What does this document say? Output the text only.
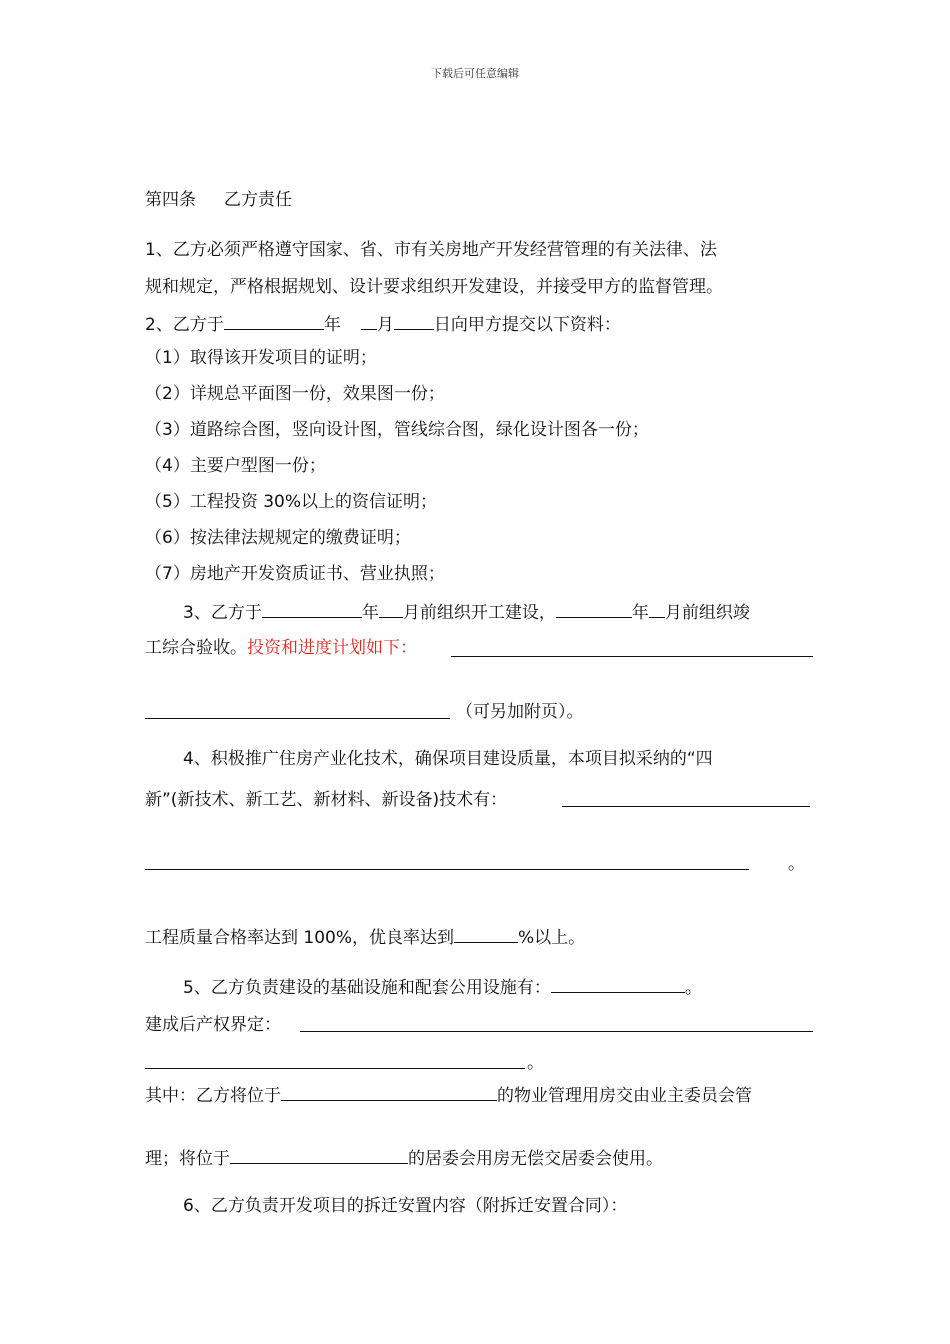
下载后可任意编辑
第四条 乙方责任
1、乙方必须严格遵守国家、省、市有关房地产开发经营管理的有关法律、法
规和规定，严格根据规划、设计要求组织开发建设，并接受甲方的监督管理。
2、乙方于	年 月 日向甲方提交以下资料：
（1）取得该开发项目的证明；
（2）详规总平面图一份，效果图一份；
（3）道路综合图，竖向设计图，管线综合图，绿化设计图各一份；
（4）主要户型图一份；
（5）工程投资 30%以上的资信证明；
（6）按法律法规规定的缴费证明；
（7）房地产开发资质证书、营业执照；
3、乙方于	年 月前组织开工建设，	年 月前组织竣
工综合验收。投资和进度计划如下：
（可另加附页）。
4、积极推广住房产业化技术，确保项目建设质量，本项目拟采纳的“四
新”(新技术、新工艺、新材料、新设备)技术有：
。
工程质量合格率达到 100%，优良率达到	%以上。
5、乙方负责建设的基础设施和配套公用设施有：	。
建成后产权界定：
。
其中：乙方将位于	的物业管理用房交由业主委员会管
理；将位于	的居委会用房无偿交居委会使用。
6、乙方负责开发项目的拆迁安置内容（附拆迁安置合同）：
